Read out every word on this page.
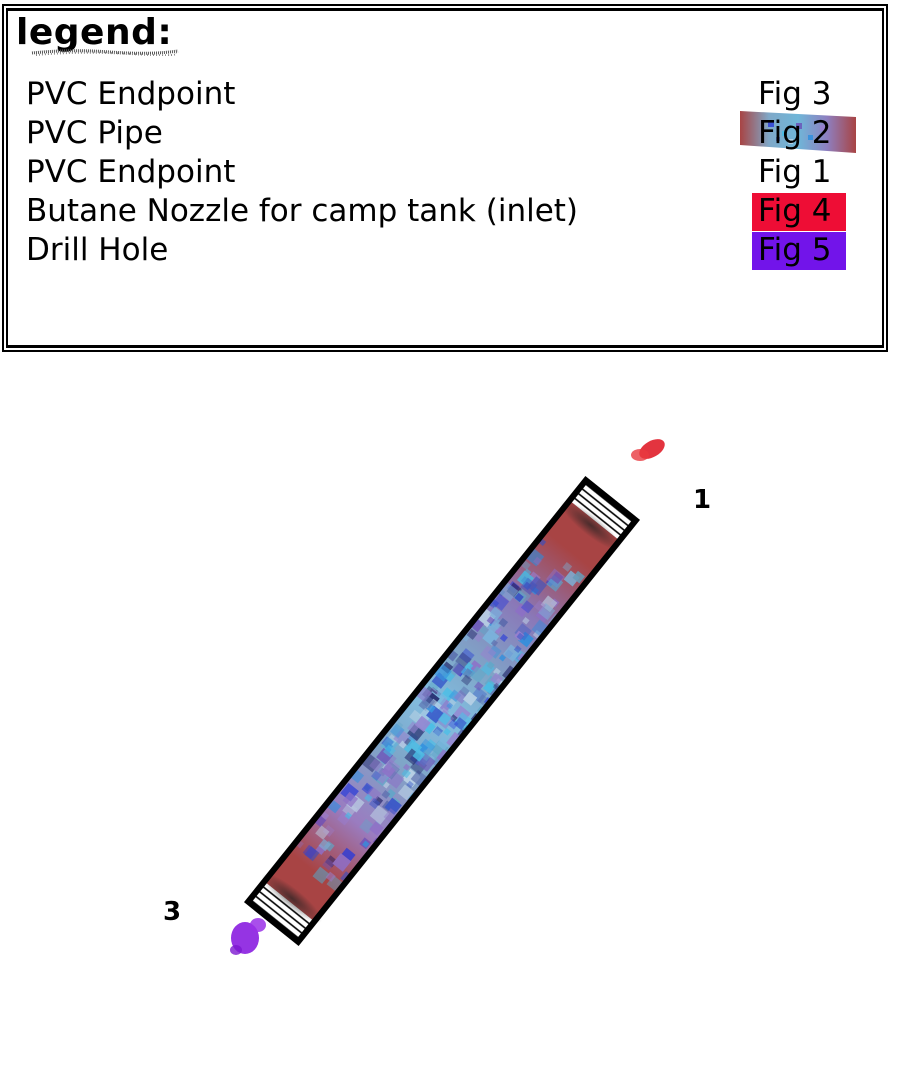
legend:
PVC Endpoint	Fig 3
PVC Pipe	Fig 2
PVC Endpoint	Fig 1
Butane Nozzle for camp tank (inlet)	Fig 4
Drill Hole	Fig 5
1
3
